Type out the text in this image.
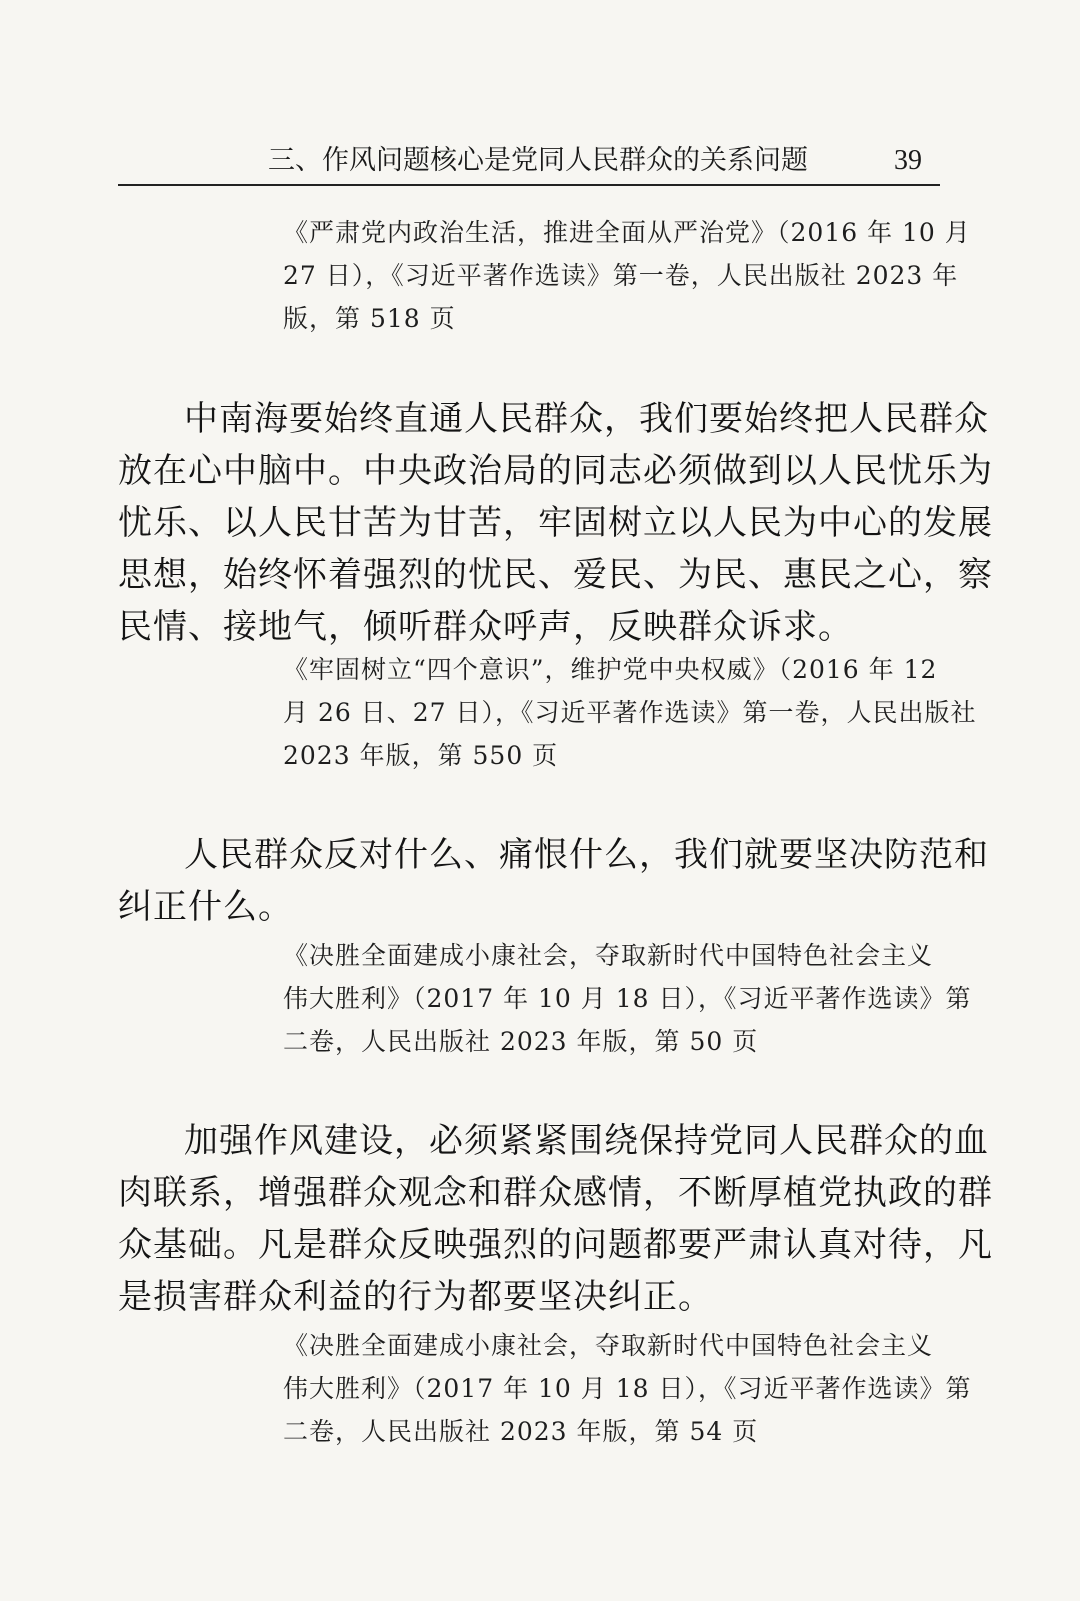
三、作风问题核心是党同人民群众的关系问题	39

《严肃党内政治生活，推进全面从严治党》（2016 年 10 月
27 日），《习近平著作选读》第一卷，人民出版社 2023 年
版，第 518 页

中南海要始终直通人民群众，我们要始终把人民群众
放在心中脑中。中央政治局的同志必须做到以人民忧乐为
忧乐、以人民甘苦为甘苦，牢固树立以人民为中心的发展
思想，始终怀着强烈的忧民、爱民、为民、惠民之心，察
民情、接地气，倾听群众呼声，反映群众诉求。

《牢固树立“四个意识”，维护党中央权威》（2016 年 12
月 26 日、27 日），《习近平著作选读》第一卷，人民出版社
2023 年版，第 550 页

人民群众反对什么、痛恨什么，我们就要坚决防范和
纠正什么。

《决胜全面建成小康社会，夺取新时代中国特色社会主义
伟大胜利》（2017 年 10 月 18 日），《习近平著作选读》第
二卷，人民出版社 2023 年版，第 50 页

加强作风建设，必须紧紧围绕保持党同人民群众的血
肉联系，增强群众观念和群众感情，不断厚植党执政的群
众基础。凡是群众反映强烈的问题都要严肃认真对待，凡
是损害群众利益的行为都要坚决纠正。

《决胜全面建成小康社会，夺取新时代中国特色社会主义
伟大胜利》（2017 年 10 月 18 日），《习近平著作选读》第
二卷，人民出版社 2023 年版，第 54 页
